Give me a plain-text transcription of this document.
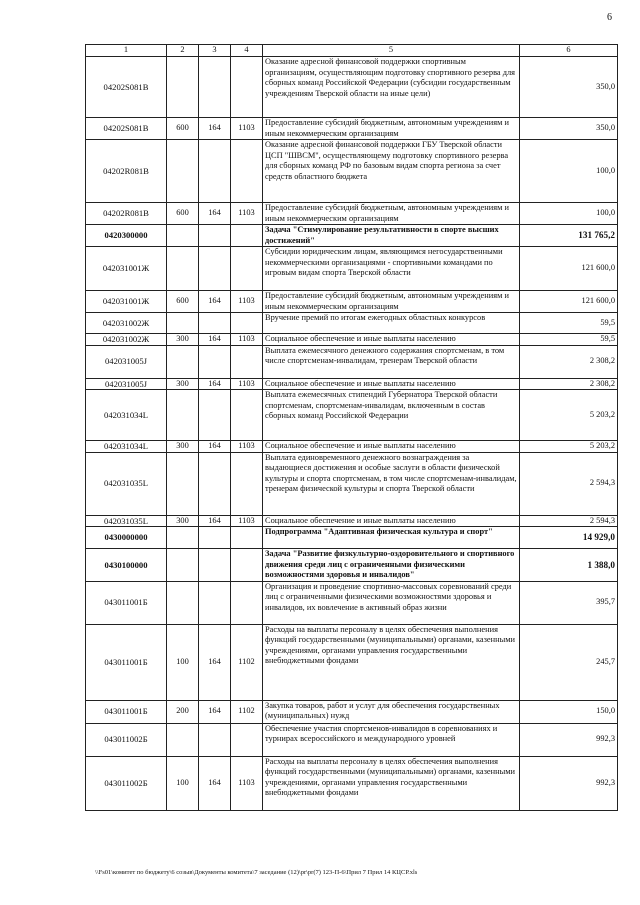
6
1	2	3	4	5	6
04202S081B				Оказание адресной финансовой поддержки спортивным организациям, осуществляющим подготовку спортивного резерва для сборных команд Российской Федерации (субсидии государственным учреждениям Тверской области на иные цели)	350,0
04202S081B	600	164	1103	Предоставление субсидий бюджетным, автономным учреждениям и иным некоммерческим организациям	350,0
04202R081B				Оказание адресной финансовой поддержки ГБУ Тверской области ЦСП "ШВСМ", осуществляющему подготовку спортивного резерва для сборных команд РФ по базовым видам спорта региона за счет средств областного бюджета	100,0
04202R081B	600	164	1103	Предоставление субсидий бюджетным, автономным учреждениям и иным некоммерческим организациям	100,0
0420300000				Задача "Стимулирование результативности в спорте высших достижений"	131 765,2
042031001Ж				Субсидии юридическим лицам, являющимся негосударственными некоммерческими организациями - спортивными командами по игровым видам спорта Тверской области	121 600,0
042031001Ж	600	164	1103	Предоставление субсидий бюджетным, автономным учреждениям и иным некоммерческим организациям	121 600,0
042031002Ж				Вручение премий по итогам ежегодных областных конкурсов	59,5
042031002Ж	300	164	1103	Социальное обеспечение и иные выплаты населению	59,5
042031005J				Выплата ежемесячного денежного содержания спортсменам, в том числе спортсменам-инвалидам, тренерам Тверской области	2 308,2
042031005J	300	164	1103	Социальное обеспечение и иные выплаты населению	2 308,2
042031034L				Выплата ежемесячных стипендий Губернатора Тверской области спортсменам, спортсменам-инвалидам, включенным в состав сборных команд Российской Федерации	5 203,2
042031034L	300	164	1103	Социальное обеспечение и иные выплаты населению	5 203,2
042031035L				Выплата единовременного денежного вознаграждения за выдающиеся достижения и особые заслуги в области физической культуры и спорта спортсменам, в том числе спортсменам-инвалидам, тренерам физической культуры и спорта Тверской области	2 594,3
042031035L	300	164	1103	Социальное обеспечение и иные выплаты населению	2 594,3
0430000000				Подпрограмма "Адаптивная физическая культура и спорт"	14 929,0
0430100000				Задача "Развитие физкультурно-оздоровительного и спортивного движения среди лиц с ограниченными физическими возможностями здоровья и инвалидов"	1 388,0
043011001Б				Организация и проведение спортивно-массовых соревнований среди лиц с ограниченными физическими возможностями здоровья и инвалидов, их вовлечение в активный образ жизни	395,7
043011001Б	100	164	1102	Расходы на выплаты персоналу в целях обеспечения выполнения функций государственными (муниципальными) органами, казенными учреждениями, органами управления государственными внебюджетными фондами	245,7
043011001Б	200	164	1102	Закупка товаров, работ и услуг для обеспечения государственных (муниципальных) нужд	150,0
043011002Б				Обеспечение участия спортсменов-инвалидов в соревнованиях и турнирах всероссийского и международного уровней	992,3
043011002Б	100	164	1103	Расходы на выплаты персоналу в целях обеспечения выполнения функций государственными (муниципальными) органами, казенными учреждениями, органами управления государственными внебюджетными фондами	992,3
\\Fs01\комитет по бюджету\6 созыв\Документы комитета\7 заседание (12)\pr\pr(7) 123-П-6\Прил 7 Прил 14 КЦСР.xls
